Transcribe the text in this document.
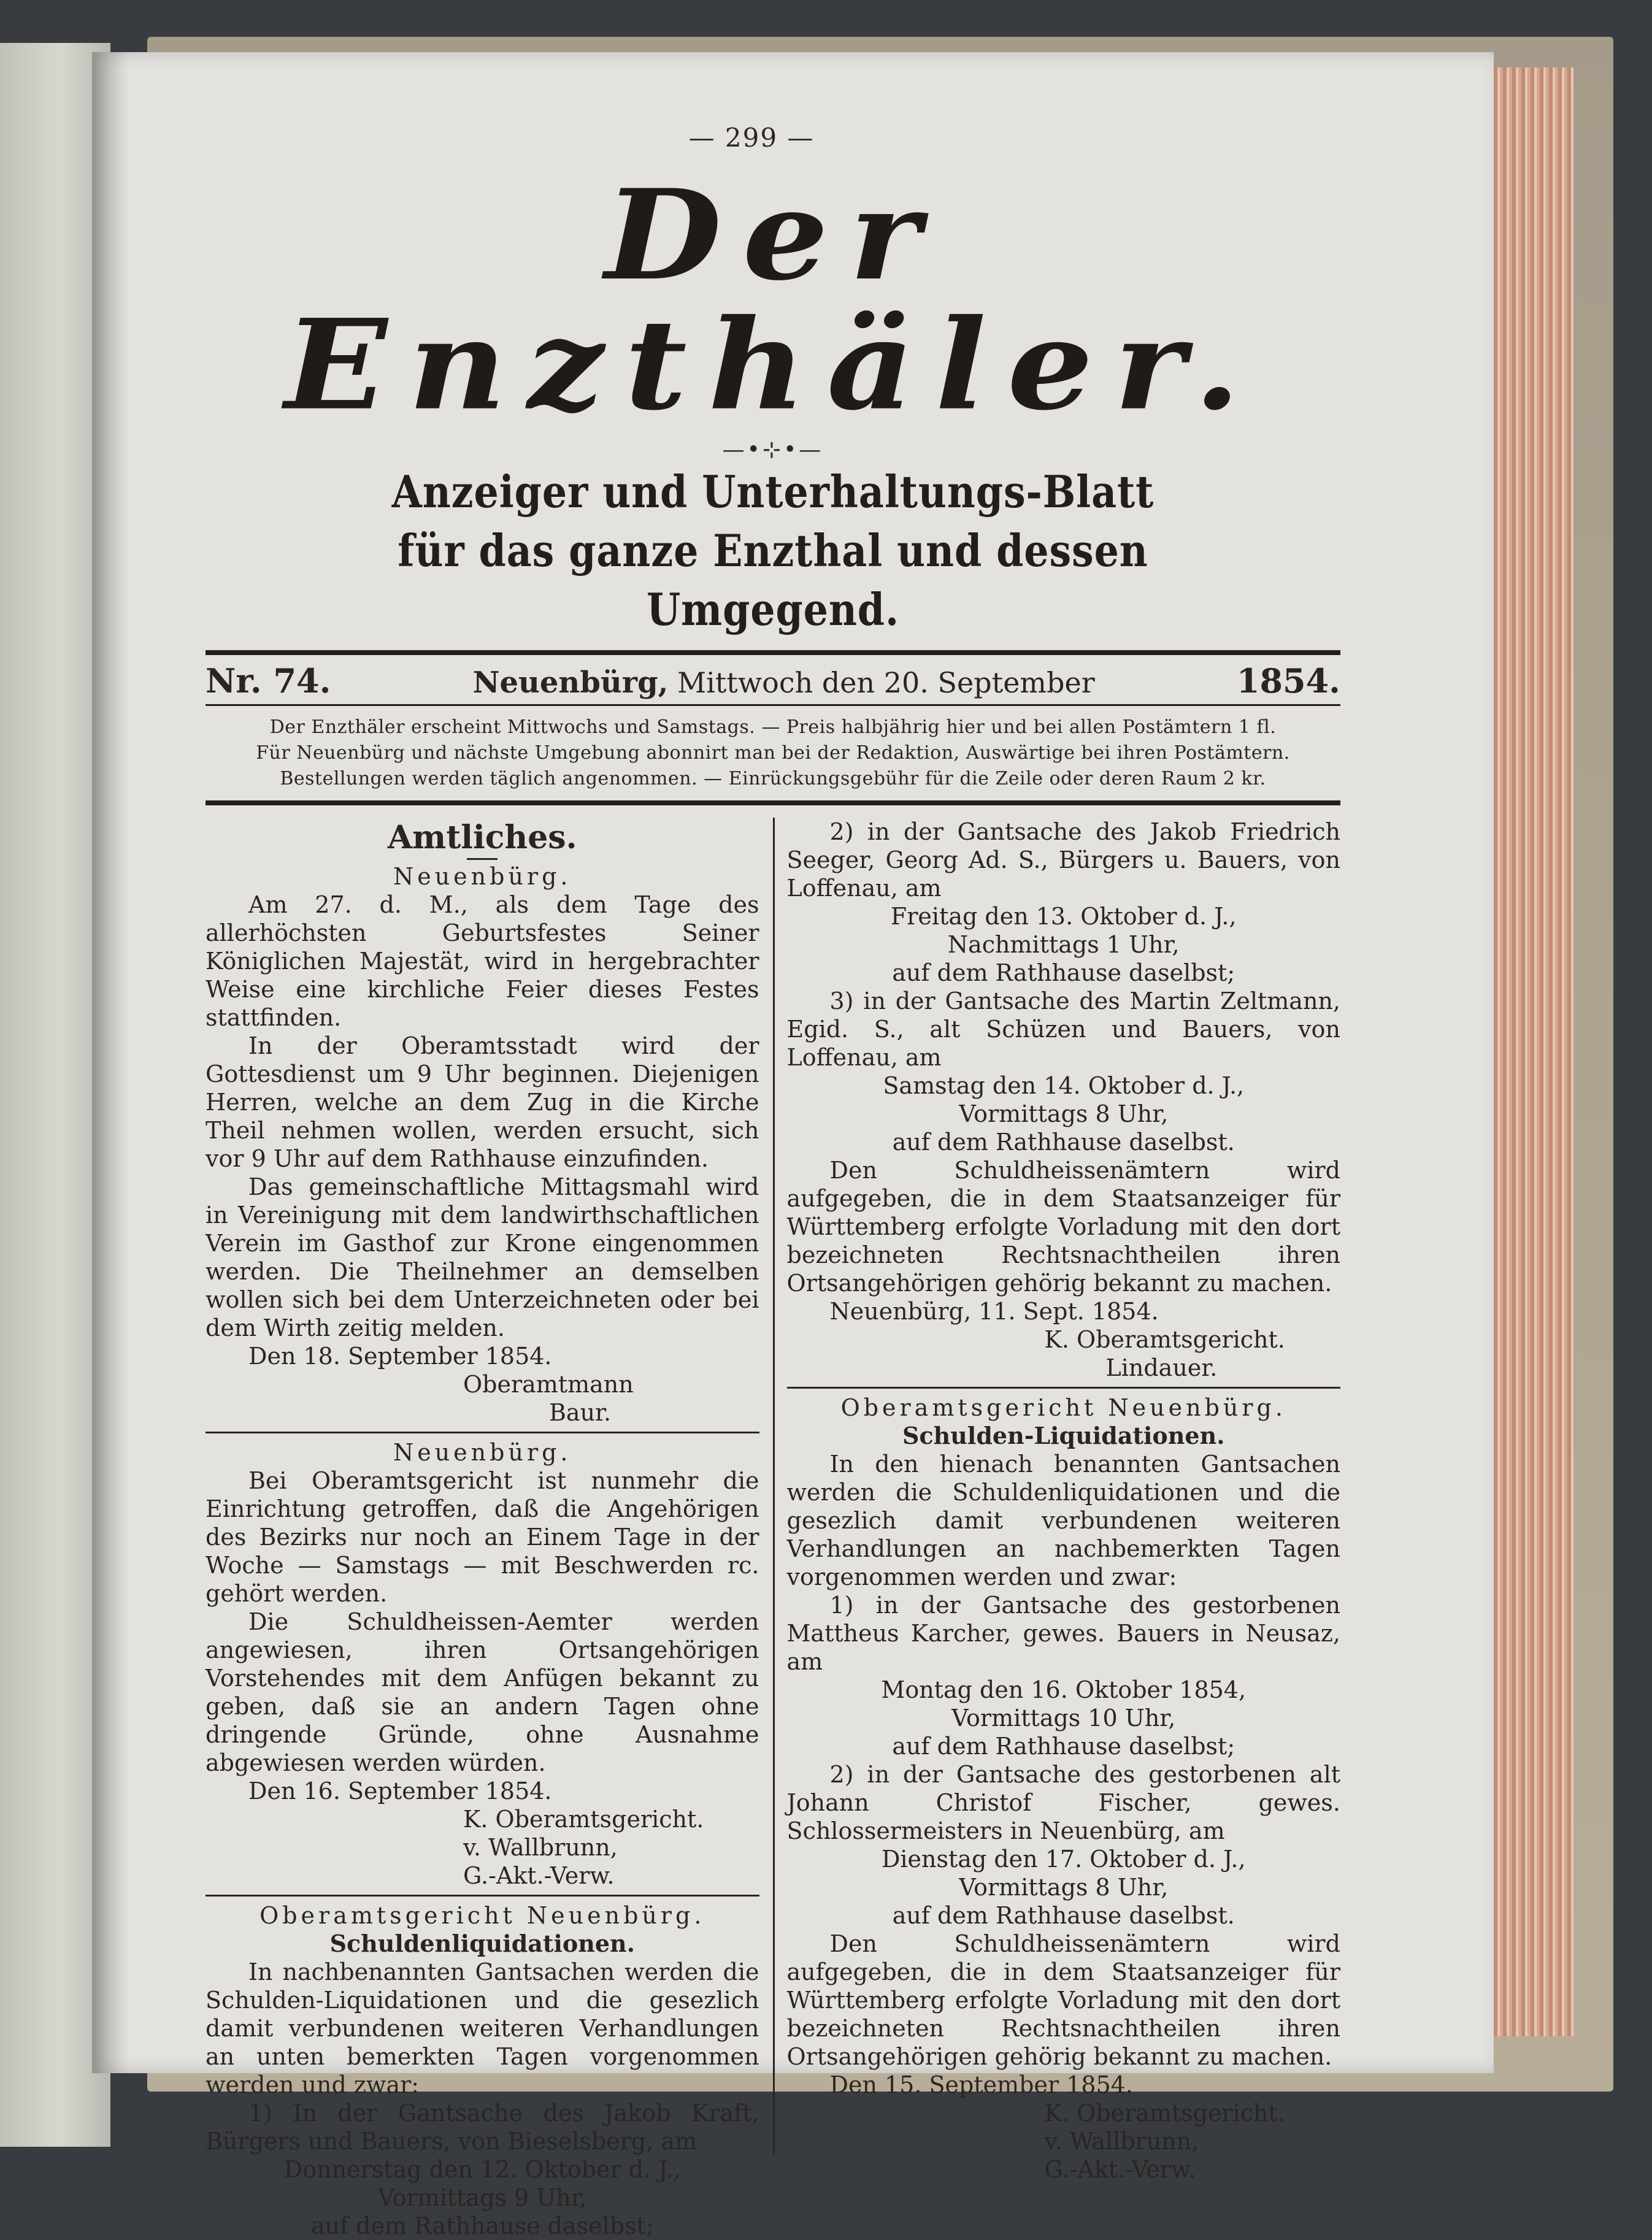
— 299 —
Der Enzthäler.
—•⊹•—
Anzeiger und Unterhaltungs-Blatt
für das ganze Enzthal und dessen Umgegend.
Nr. 74.	Neuenbürg, Mittwoch den 20. September	1854.
Der Enzthäler erscheint Mittwochs und Samstags. — Preis halbjährig hier und bei allen Postämtern 1 fl.
Für Neuenbürg und nächste Umgebung abonnirt man bei der Redaktion, Auswärtige bei ihren Postämtern.
Bestellungen werden täglich angenommen. — Einrückungsgebühr für die Zeile oder deren Raum 2 kr.
Amtliches.

Neuenbürg.

Am 27. d. M., als dem Tage des allerhöchsten Geburtsfestes Seiner Königlichen Majestät, wird in hergebrachter Weise eine kirchliche Feier dieses Festes stattfinden.

In der Oberamtsstadt wird der Gottesdienst um 9 Uhr beginnen. Diejenigen Herren, welche an dem Zug in die Kirche Theil nehmen wollen, werden ersucht, sich vor 9 Uhr auf dem Rathhause einzufinden.

Das gemeinschaftliche Mittagsmahl wird in Vereinigung mit dem landwirthschaftlichen Verein im Gasthof zur Krone eingenommen werden. Die Theilnehmer an demselben wollen sich bei dem Unterzeichneten oder bei dem Wirth zeitig melden.

Den 18. September 1854.

Oberamtmann

Baur.

Neuenbürg.

Bei Oberamtsgericht ist nunmehr die Einrichtung getroffen, daß die Angehörigen des Bezirks nur noch an Einem Tage in der Woche — Samstags — mit Beschwerden rc. gehört werden.

Die Schuldheissen-Aemter werden angewiesen, ihren Ortsangehörigen Vorstehendes mit dem Anfügen bekannt zu geben, daß sie an andern Tagen ohne dringende Gründe, ohne Ausnahme abgewiesen werden würden.

Den 16. September 1854.

K. Oberamtsgericht.

v. Wallbrunn,

G.-Akt.-Verw.

Oberamtsgericht Neuenbürg.

Schuldenliquidationen.

In nachbenannten Gantsachen werden die Schulden-Liquidationen und die gesezlich damit verbundenen weiteren Verhandlungen an unten bemerkten Tagen vorgenommen werden und zwar:

1) In der Gantsache des Jakob Kraft, Bürgers und Bauers, von Bieselsberg, am

Donnerstag den 12. Oktober d. J.,

Vormittags 9 Uhr,

auf dem Rathhause daselbst;

2) in der Gantsache des Jakob Friedrich Seeger, Georg Ad. S., Bürgers u. Bauers, von Loffenau, am

Freitag den 13. Oktober d. J.,

Nachmittags 1 Uhr,

auf dem Rathhause daselbst;

3) in der Gantsache des Martin Zeltmann, Egid. S., alt Schüzen und Bauers, von Loffenau, am

Samstag den 14. Oktober d. J.,

Vormittags 8 Uhr,

auf dem Rathhause daselbst.

Den Schuldheissenämtern wird aufgegeben, die in dem Staatsanzeiger für Württemberg erfolgte Vorladung mit den dort bezeichneten Rechtsnachtheilen ihren Ortsangehörigen gehörig bekannt zu machen.

Neuenbürg, 11. Sept. 1854.

K. Oberamtsgericht.

Lindauer.

Oberamtsgericht Neuenbürg.

Schulden-Liquidationen.

In den hienach benannten Gantsachen werden die Schuldenliquidationen und die gesezlich damit verbundenen weiteren Verhandlungen an nachbemerkten Tagen vorgenommen werden und zwar:

1) in der Gantsache des gestorbenen Mattheus Karcher, gewes. Bauers in Neusaz, am

Montag den 16. Oktober 1854,

Vormittags 10 Uhr,

auf dem Rathhause daselbst;

2) in der Gantsache des gestorbenen alt Johann Christof Fischer, gewes. Schlossermeisters in Neuenbürg, am

Dienstag den 17. Oktober d. J.,

Vormittags 8 Uhr,

auf dem Rathhause daselbst.

Den Schuldheissenämtern wird aufgegeben, die in dem Staatsanzeiger für Württemberg erfolgte Vorladung mit den dort bezeichneten Rechtsnachtheilen ihren Ortsangehörigen gehörig bekannt zu machen.

Den 15. September 1854.

K. Oberamtsgericht.

v. Wallbrunn,

G.-Akt.-Verw.
